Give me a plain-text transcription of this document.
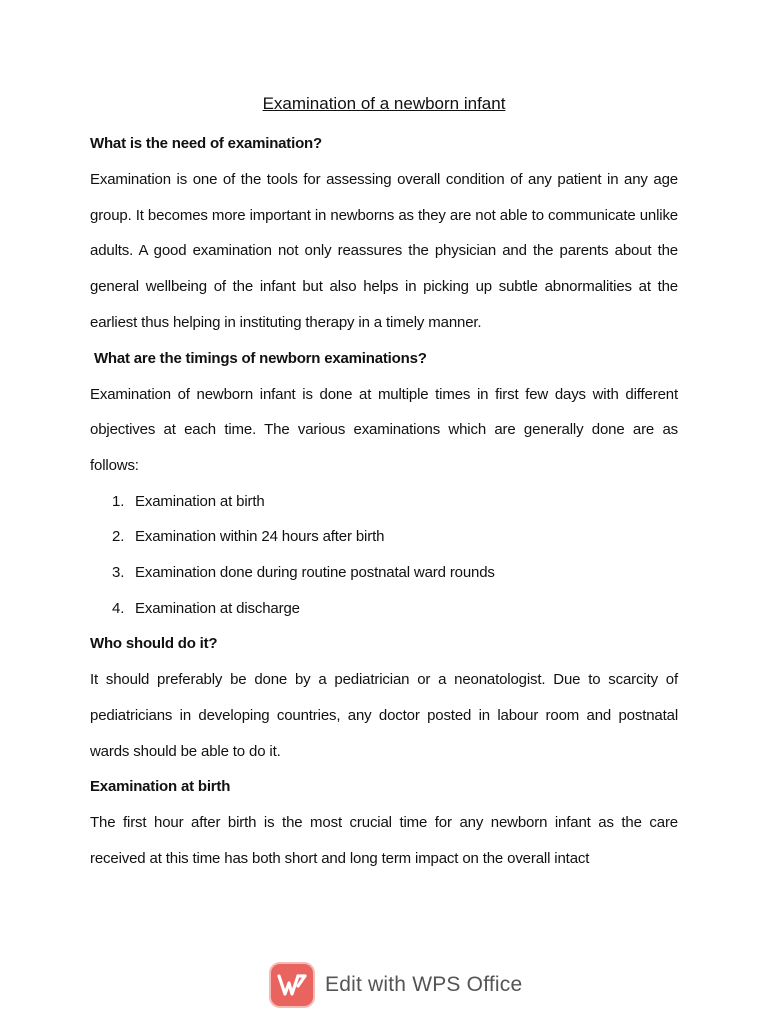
Examination of a newborn infant
What is the need of examination?

Examination is one of the tools for assessing overall condition of any patient in any age group. It becomes more important in newborns as they are not able to communicate unlike adults. A good examination not only reassures the physician and the parents about the general wellbeing of the infant but also helps in picking up subtle abnormalities at the earliest thus helping in instituting therapy in a timely manner.

What are the timings of newborn examinations?

Examination of newborn infant is done at multiple times in first few days with different objectives at each time. The various examinations which are generally done are as follows:

1. Examination at birth
2. Examination within 24 hours after birth
3. Examination done during routine postnatal ward rounds
4. Examination at discharge
Who should do it?

It should preferably be done by a pediatrician or a neonatologist. Due to scarcity of pediatricians in developing countries, any doctor posted in labour room and postnatal wards should be able to do it.

Examination at birth

The first hour after birth is the most crucial time for any newborn infant as the care received at this time has both short and long term impact on the overall intact

Edit with WPS Office
